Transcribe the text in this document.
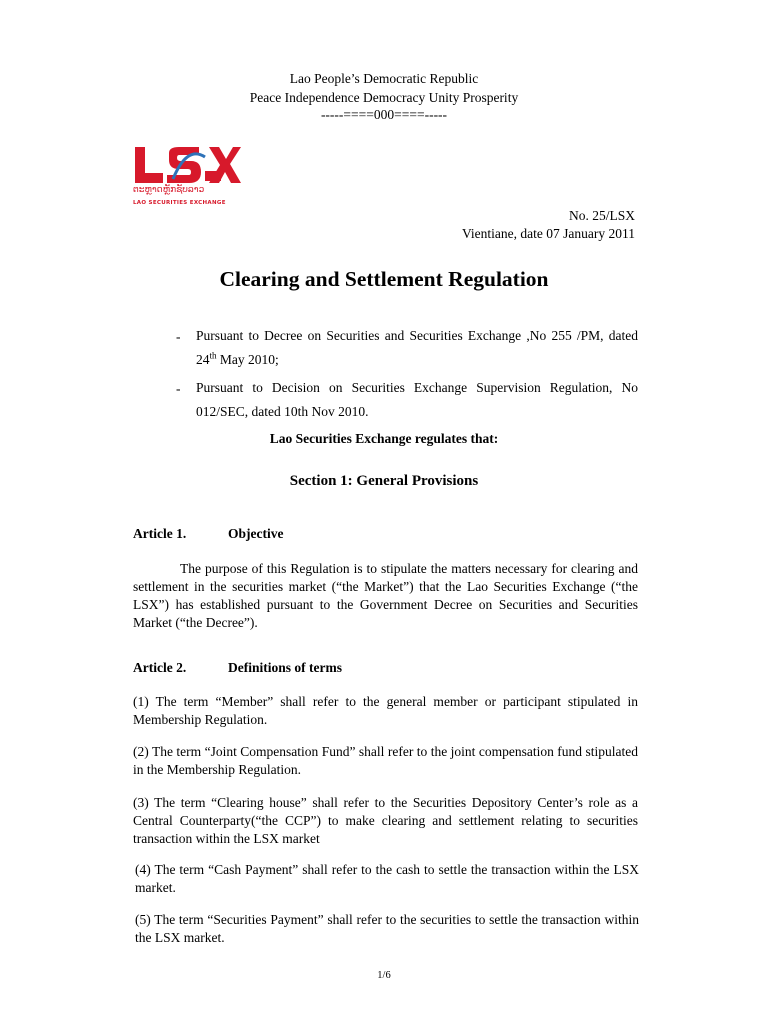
Lao People’s Democratic Republic
Peace Independence Democracy Unity Prosperity
-----====000====-----
ຕະຫຼາດຫຼັກຊັບລາວ
LAO SECURITIES EXCHANGE
No. 25/LSX
Vientiane, date 07 January 2011
Clearing and Settlement Regulation
- Pursuant to Decree on Securities and Securities Exchange ,No 255 /PM, dated 24th May 2010;
- Pursuant to Decision on Securities Exchange Supervision Regulation, No 012/SEC, dated 10th Nov 2010.
Lao Securities Exchange regulates that:
Section 1: General Provisions
Article 1.	Objective
The purpose of this Regulation is to stipulate the matters necessary for clearing and settlement in the securities market (“the Market”) that the Lao Securities Exchange (“the LSX”) has established pursuant to the Government Decree on Securities and Securities Market (“the Decree”).
Article 2.	Definitions of terms
(1) The term “Member” shall refer to the general member or participant stipulated in Membership Regulation.
(2) The term “Joint Compensation Fund” shall refer to the joint compensation fund stipulated in the Membership Regulation.
(3) The term “Clearing house” shall refer to the Securities Depository Center’s role as a Central Counterparty(“the CCP”) to make clearing and settlement relating to securities transaction within the LSX market
(4) The term “Cash Payment” shall refer to the cash to settle the transaction within the LSX market.
(5) The term “Securities Payment” shall refer to the securities to settle the transaction within the LSX market.
1/6
